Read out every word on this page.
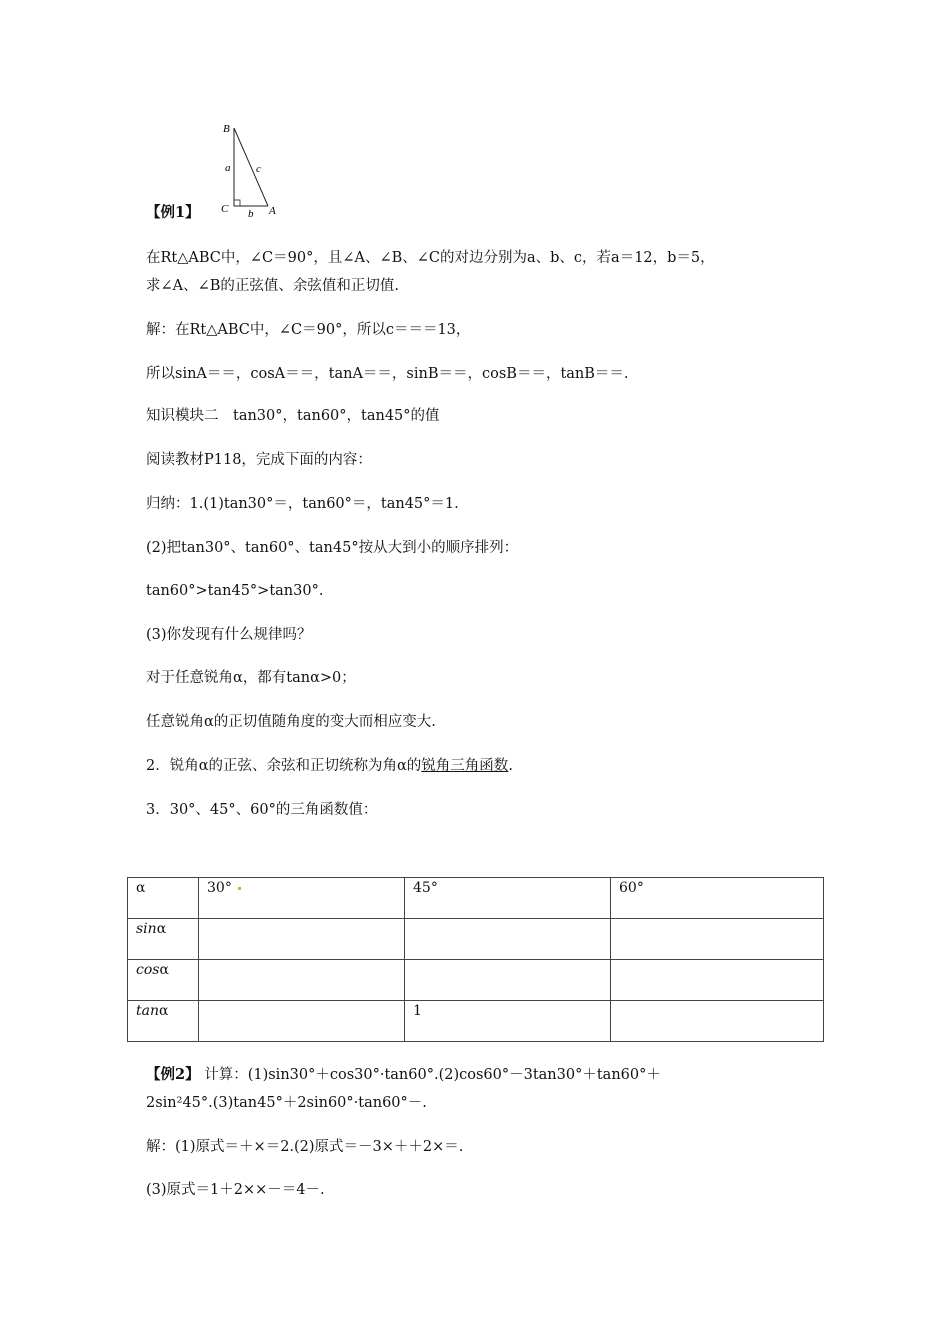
B
A
C
a
b
c
【例1】
在Rt△ABC中，∠C＝90°，且∠A、∠B、∠C的对边分别为a、b、c，若a＝12，b＝5，
求∠A、∠B的正弦值、余弦值和正切值.
解：在Rt△ABC中，∠C＝90°，所以c＝＝＝13，
所以sinA＝＝，cosA＝＝，tanA＝＝，sinB＝＝，cosB＝＝，tanB＝＝.
知识模块二　tan30°，tan60°，tan45°的值
阅读教材P118，完成下面的内容：
归纳：1.(1)tan30°＝，tan60°＝，tan45°＝1.
(2)把tan30°、tan60°、tan45°按从大到小的顺序排列：
tan60°>tan45°>tan30°.
(3)你发现有什么规律吗？
对于任意锐角α，都有tanα>0；
任意锐角α的正切值随角度的变大而相应变大.
2．锐角α的正弦、余弦和正切统称为角α的锐角三角函数.
3．30°、45°、60°的三角函数值：
α	30°	45°	60°
sinα			
cosα			
tanα		1	
【例2】 计算：(1)sin30°＋cos30°·tan60°.(2)cos60°－3tan30°＋tan60°＋
2sin²45°.(3)tan45°＋2sin60°·tan60°－.
解：(1)原式＝＋×＝2.(2)原式＝－3×＋＋2×＝.
(3)原式＝1＋2××－＝4－.
